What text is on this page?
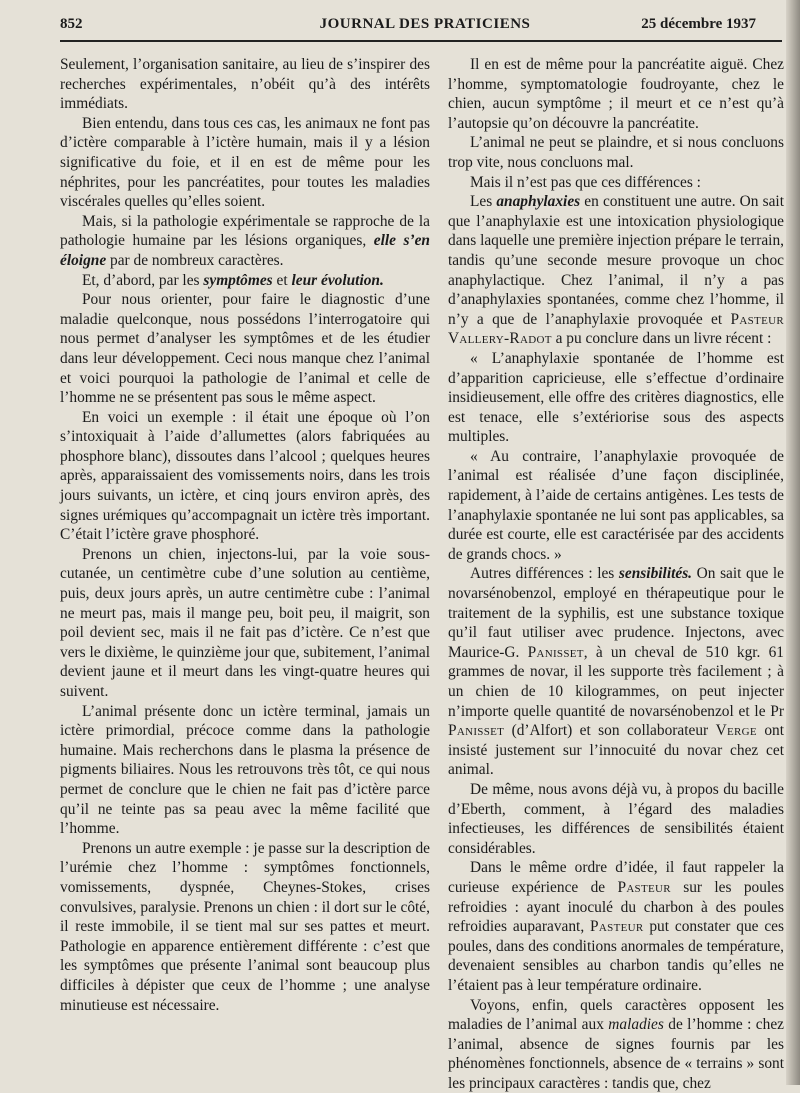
852	JOURNAL DES PRATICIENS	25 décembre 1937

Seulement, l’organisation sanitaire, au lieu de s’inspirer des recherches expérimentales, n’obéit qu’à des intérêts immédiats.

Bien entendu, dans tous ces cas, les animaux ne font pas d’ictère comparable à l’ictère humain, mais il y a lésion significative du foie, et il en est de même pour les néphrites, pour les pancréatites, pour toutes les maladies viscérales quelles qu’elles soient.

Mais, si la pathologie expérimentale se rapproche de la pathologie humaine par les lésions organiques, elle s’en éloigne par de nombreux caractères.

Et, d’abord, par les symptômes et leur évolution.

Pour nous orienter, pour faire le diagnostic d’une maladie quelconque, nous possédons l’interrogatoire qui nous permet d’analyser les symptômes et de les étudier dans leur développement. Ceci nous manque chez l’animal et voici pourquoi la pathologie de l’animal et celle de l’homme ne se présentent pas sous le même aspect.

En voici un exemple : il était une époque où l’on s’intoxiquait à l’aide d’allumettes (alors fabriquées au phosphore blanc), dissoutes dans l’alcool ; quelques heures après, apparaissaient des vomissements noirs, dans les trois jours suivants, un ictère, et cinq jours environ après, des signes urémiques qu’accompagnait un ictère très important. C’était l’ictère grave phosphoré.

Prenons un chien, injectons-lui, par la voie sous-cutanée, un centimètre cube d’une solution au centième, puis, deux jours après, un autre centimètre cube : l’animal ne meurt pas, mais il mange peu, boit peu, il maigrit, son poil devient sec, mais il ne fait pas d’ictère. Ce n’est que vers le dixième, le quinzième jour que, subitement, l’animal devient jaune et il meurt dans les vingt-quatre heures qui suivent.

L’animal présente donc un ictère terminal, jamais un ictère primordial, précoce comme dans la pathologie humaine. Mais recherchons dans le plasma la présence de pigments biliaires. Nous les retrouvons très tôt, ce qui nous permet de conclure que le chien ne fait pas d’ictère parce qu’il ne teinte pas sa peau avec la même facilité que l’homme.

Prenons un autre exemple : je passe sur la description de l’urémie chez l’homme : symptômes fonctionnels, vomissements, dyspnée, Cheynes-Stokes, crises convulsives, paralysie. Prenons un chien : il dort sur le côté, il reste immobile, il se tient mal sur ses pattes et meurt. Pathologie en apparence entièrement différente : c’est que les symptômes que présente l’animal sont beaucoup plus difficiles à dépister que ceux de l’homme ; une analyse minutieuse est nécessaire.

Il en est de même pour la pancréatite aiguë. Chez l’homme, symptomatologie foudroyante, chez le chien, aucun symptôme ; il meurt et ce n’est qu’à l’autopsie qu’on découvre la pancréatite.

L’animal ne peut se plaindre, et si nous concluons trop vite, nous concluons mal.

Mais il n’est pas que ces différences :

Les anaphylaxies en constituent une autre. On sait que l’anaphylaxie est une intoxication physiologique dans laquelle une première injection prépare le terrain, tandis qu’une seconde mesure provoque un choc anaphylactique. Chez l’animal, il n’y a pas d’anaphylaxies spontanées, comme chez l’homme, il n’y a que de l’anaphylaxie provoquée et Pasteur Vallery-Radot a pu conclure dans un livre récent :

« L’anaphylaxie spontanée de l’homme est d’apparition capricieuse, elle s’effectue d’ordinaire insidieusement, elle offre des critères diagnostics, elle est tenace, elle s’extériorise sous des aspects multiples.

« Au contraire, l’anaphylaxie provoquée de l’animal est réalisée d’une façon disciplinée, rapidement, à l’aide de certains antigènes. Les tests de l’anaphylaxie spontanée ne lui sont pas applicables, sa durée est courte, elle est caractérisée par des accidents de grands chocs. »

Autres différences : les sensibilités. On sait que le novarsénobenzol, employé en thérapeutique pour le traitement de la syphilis, est une substance toxique qu’il faut utiliser avec prudence. Injectons, avec Maurice-G. Panisset, à un cheval de 510 kgr. 61 grammes de novar, il les supporte très facilement ; à un chien de 10 kilogrammes, on peut injecter n’importe quelle quantité de novarsénobenzol et le Pr Panisset (d’Alfort) et son collaborateur Verge ont insisté justement sur l’innocuité du novar chez cet animal.

De même, nous avons déjà vu, à propos du bacille d’Eberth, comment, à l’égard des maladies infectieuses, les différences de sensibilités étaient considérables.

Dans le même ordre d’idée, il faut rappeler la curieuse expérience de Pasteur sur les poules refroidies : ayant inoculé du charbon à des poules refroidies auparavant, Pasteur put constater que ces poules, dans des conditions anormales de température, devenaient sensibles au charbon tandis qu’elles ne l’étaient pas à leur température ordinaire.

Voyons, enfin, quels caractères opposent les maladies de l’animal aux maladies de l’homme : chez l’animal, absence de signes fournis par les phénomènes fonctionnels, absence de « terrains » sont les principaux caractères : tandis que, chez
